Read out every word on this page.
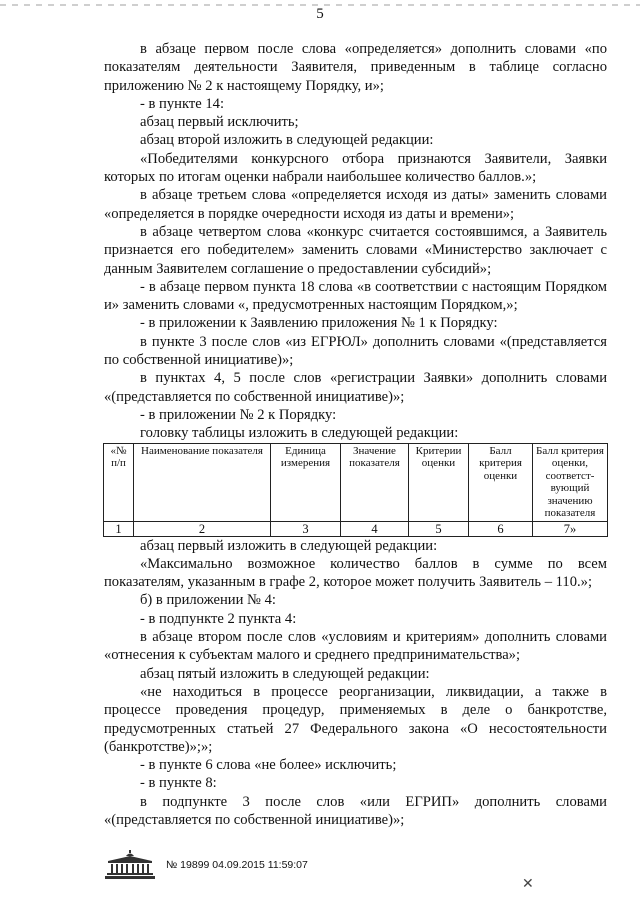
5

в абзаце первом после слова «определяется» дополнить словами «по показателям деятельности Заявителя, приведенным в таблице согласно приложению № 2 к настоящему Порядку, и»;

- в пункте 14:

абзац первый исключить;

абзац второй изложить в следующей редакции:

«Победителями конкурсного отбора признаются Заявители, Заявки которых по итогам оценки набрали наибольшее количество баллов.»;

в абзаце третьем слова «определяется исходя из даты» заменить словами «определяется в порядке очередности исходя из даты и времени»;

в абзаце четвертом слова «конкурс считается состоявшимся, а Заявитель признается его победителем» заменить словами «Министерство заключает с данным Заявителем соглашение о предоставлении субсидий»;

- в абзаце первом пункта 18 слова «в соответствии с настоящим Порядком и» заменить словами «, предусмотренных настоящим Порядком,»;

- в приложении к Заявлению приложения № 1 к Порядку:

в пункте 3 после слов «из ЕГРЮЛ» дополнить словами «(представляется по собственной инициативе)»;

в пунктах 4, 5 после слов «регистрации Заявки» дополнить словами «(представляется по собственной инициативе)»;

- в приложении № 2 к Порядку:

головку таблицы изложить в следующей редакции:

«№ п/п	Наименование показателя	Единица измерения	Значение показателя	Критерии оценки	Балл критерия оценки	Балл критерия оценки, соответст-вующий значению показателя
1	2	3	4	5	6	7»

абзац первый изложить в следующей редакции:

«Максимально возможное количество баллов в сумме по всем показателям, указанным в графе 2, которое может получить Заявитель – 110.»;

б) в приложении № 4:

- в подпункте 2 пункта 4:

в абзаце втором после слов «условиям и критериям» дополнить словами «отнесения к субъектам малого и среднего предпринимательства»;

абзац пятый изложить в следующей редакции:

«не находиться в процессе реорганизации, ликвидации, а также в процессе проведения процедур, применяемых в деле о банкротстве, предусмотренных статьей 27 Федерального закона «О несостоятельности (банкротстве)»;»;

- в пункте 6 слова «не более» исключить;

- в пункте 8:

в подпункте 3 после слов «или ЕГРИП» дополнить словами «(представляется по собственной инициативе)»;

№ 19899 04.09.2015 11:59:07
✕
